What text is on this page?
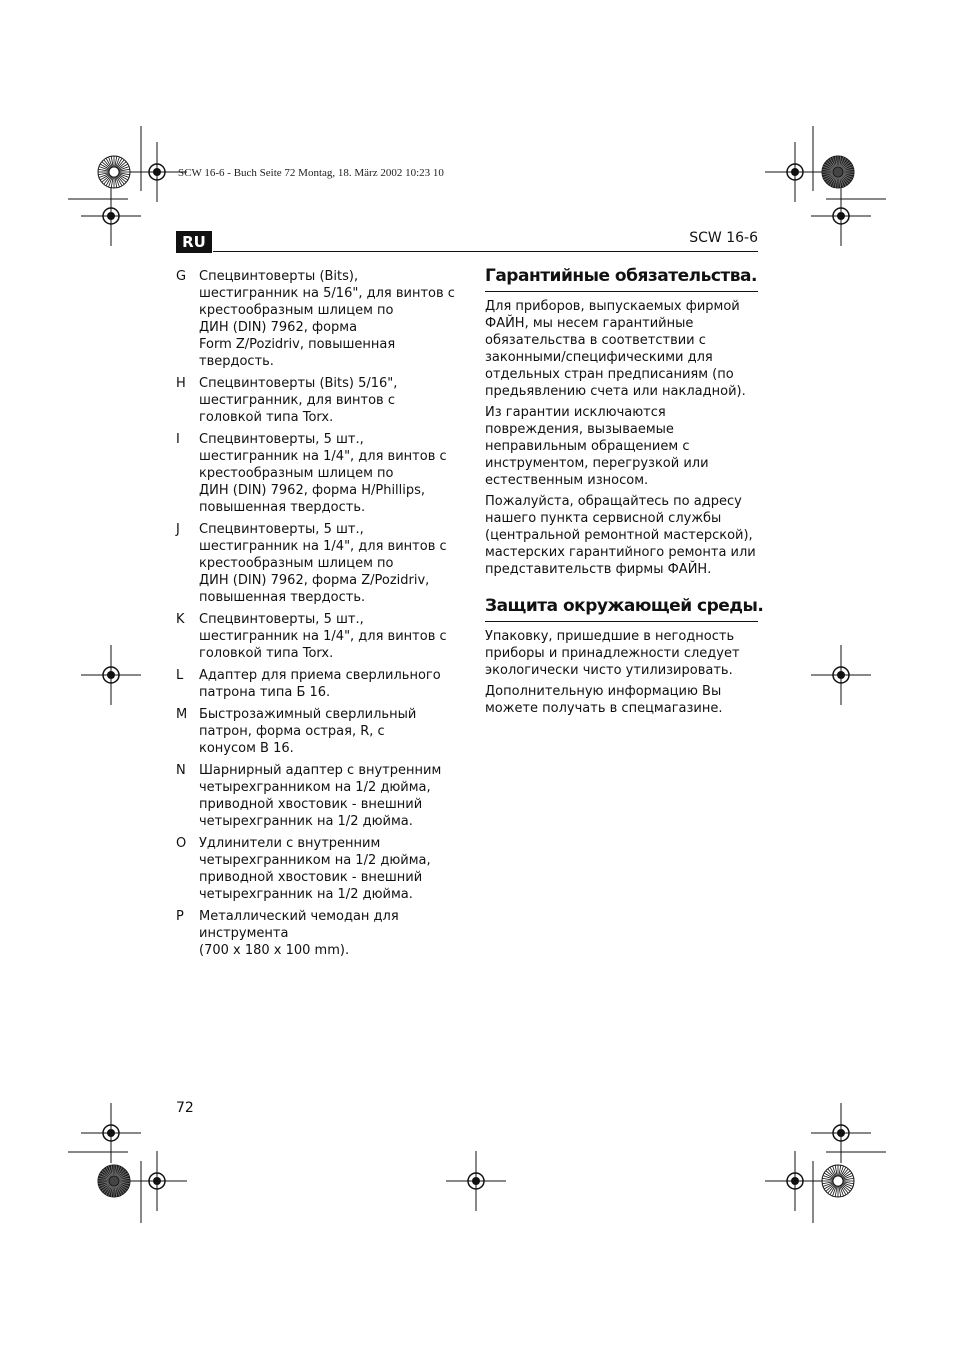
SCW 16-6 - Buch Seite 72 Montag, 18. März 2002 10:23 10
RU	SCW 16-6
G Спецвинтоверты (Bits),
шестигранник на 5/16", для винтов с
крестообразным шлицем по
ДИН (DIN) 7962, форма
Form Z/Pozidriv, повышенная
твердость.
H	Спецвинтоверты (Bits) 5/16",
шестигранник, для винтов с
головкой типа Torx.
I	Спецвинтоверты, 5 шт.,
шестигранник на 1/4", для винтов с
крестообразным шлицем по
ДИН (DIN) 7962, форма H/Phillips,
повышенная твердость.
J	Спецвинтоверты, 5 шт.,
шестигранник на 1/4", для винтов с
крестообразным шлицем по
ДИН (DIN) 7962, форма Z/Pozidriv,
повышенная твердость.
K	Спецвинтоверты, 5 шт.,
шестигранник на 1/4", для винтов с
головкой типа Torx.
L	Адаптер для приема сверлильного
патрона типа Б 16.
M Быстрозажимный сверлильный
патрон, форма острая, R, с
конусом B 16.
N	Шарнирный адаптер с внутренним
четырехгранником на 1/2 дюйма,
приводной хвостовик - внешний
четырехгранник на 1/2 дюйма.
O Удлинители с внутренним
четырехгранником на 1/2 дюйма,
приводной хвостовик - внешний
четырехгранник на 1/2 дюйма.
P	Металлический чемодан для
инструмента
(700 x 180 x 100 mm).
Гарантийные обязательства.

Для приборов, выпускаемых фирмой
ФАЙН, мы несем гарантийные
обязательства в соответствии с
законными/специфическими для
отдельных стран предписаниям (по
предьявлению счета или накладной).

Из гарантии исключаются
повреждения, вызываемые
неправильным обращением с
инструментом, перегрузкой или
естественным износом.

Пожалуйста, обращайтесь по адресу
нашего пункта сервисной службы
(центральной ремонтной мастерской),
мастерских гарантийного ремонта или
представительств фирмы ФАЙН.

Защита окружающей среды.

Упаковку, пришедшие в негодность
приборы и принадлежности следует
экологически чисто утилизировать.

Дополнительную информацию Вы
можете получать в спецмагазине.

72
